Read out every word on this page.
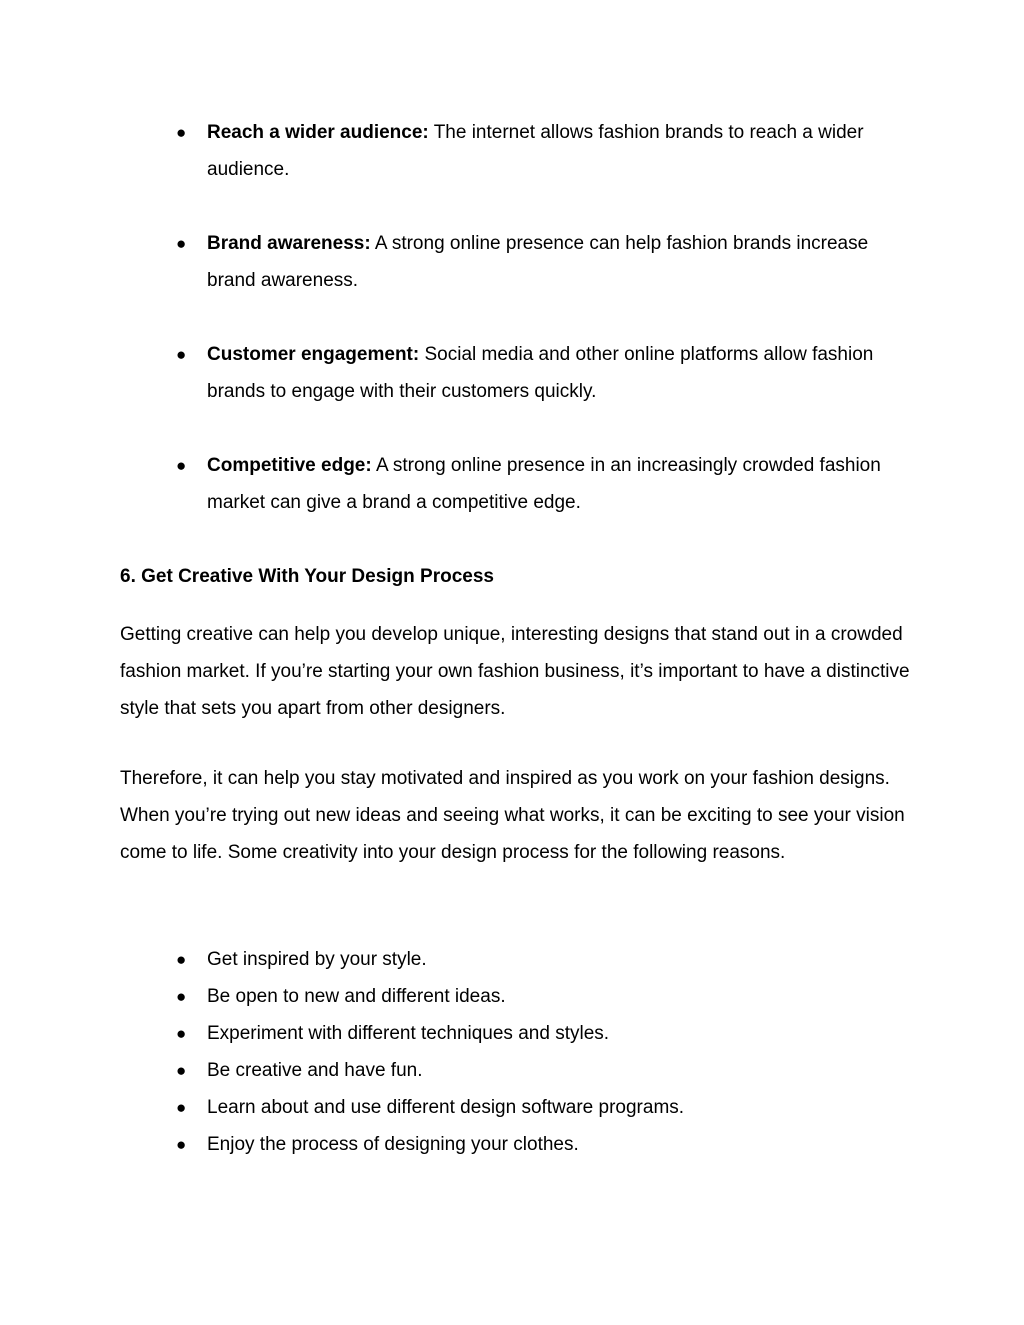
● Reach a wider audience: The internet allows fashion brands to reach a wider audience.
● Brand awareness: A strong online presence can help fashion brands increase brand awareness.
● Customer engagement: Social media and other online platforms allow fashion brands to engage with their customers quickly.
● Competitive edge: A strong online presence in an increasingly crowded fashion market can give a brand a competitive edge.
6. Get Creative With Your Design Process

Getting creative can help you develop unique, interesting designs that stand out in a crowded fashion market. If you’re starting your own fashion business, it’s important to have a distinctive style that sets you apart from other designers.

Therefore, it can help you stay motivated and inspired as you work on your fashion designs. When you’re trying out new ideas and seeing what works, it can be exciting to see your vision come to life. Some creativity into your design process for the following reasons.

● Get inspired by your style.
● Be open to new and different ideas.
● Experiment with different techniques and styles.
● Be creative and have fun.
● Learn about and use different design software programs.
● Enjoy the process of designing your clothes.
